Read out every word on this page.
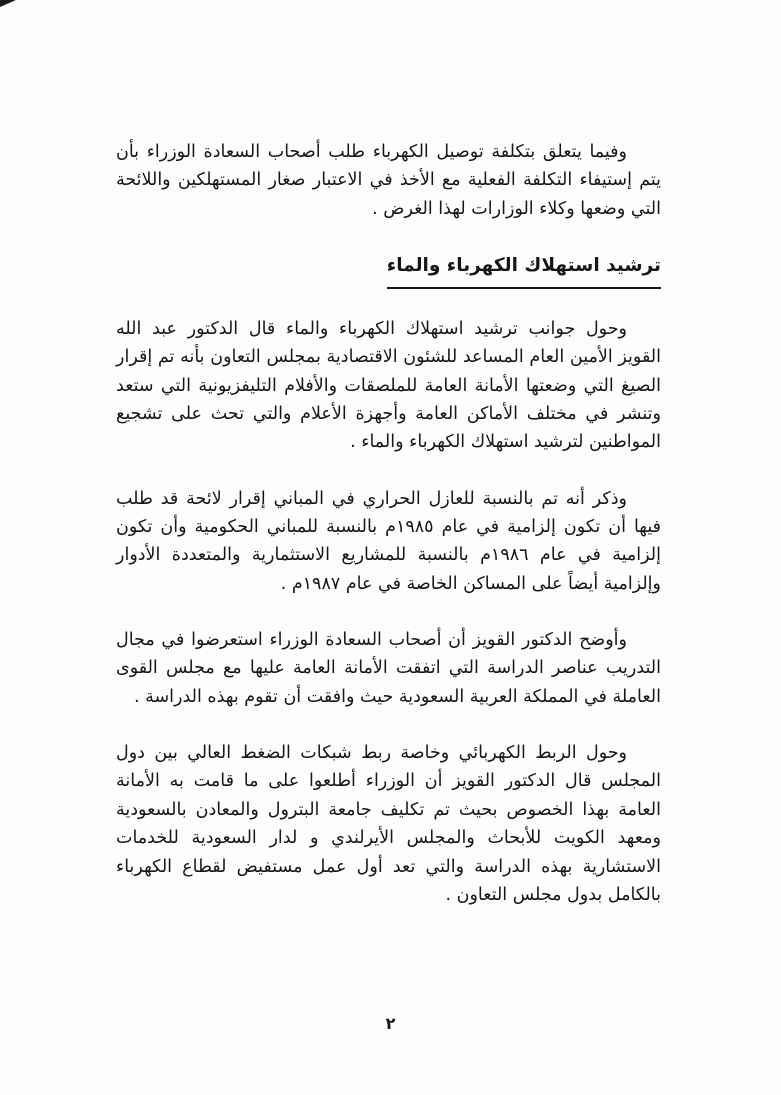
وفيما يتعلق بتكلفة توصيل الكهرباء طلب أصحاب السعادة الوزراء بأن يتم إستيفاء التكلفة الفعلية مع الأخذ في الاعتبار صغار المستهلكين واللائحة التي وضعها وكلاء الوزارات لهذا الغرض .

ترشيد استهلاك الكهرباء والماء

وحول جوانب ترشيد استهلاك الكهرباء والماء قال الدكتور عبد الله القويز الأمين العام المساعد للشئون الاقتصادية بمجلس التعاون بأنه تم إقرار الصيغ التي وضعتها الأمانة العامة للملصقات والأفلام التليفزيونية التي ستعد وتنشر في مختلف الأماكن العامة وأجهزة الأعلام والتي تحث على تشجيع المواطنين لترشيد استهلاك الكهرباء والماء .

وذكر أنه تم بالنسبة للعازل الحراري في المباني إقرار لائحة قد طلب فيها أن تكون إلزامية في عام ١٩٨٥م بالنسبة للمباني الحكومية وأن تكون إلزامية في عام ١٩٨٦م بالنسبة للمشاريع الاستثمارية والمتعددة الأدوار وإلزامية أيضاً على المساكن الخاصة في عام ١٩٨٧م .

وأوضح الدكتور القويز أن أصحاب السعادة الوزراء استعرضوا في مجال التدريب عناصر الدراسة التي اتفقت الأمانة العامة عليها مع مجلس القوى العاملة في المملكة العربية السعودية حيث وافقت أن تقوم بهذه الدراسة .

وحول الربط الكهربائي وخاصة ربط شبكات الضغط العالي بين دول المجلس قال الدكتور القويز أن الوزراء أطلعوا على ما قامت به الأمانة العامة بهذا الخصوص بحيث تم تكليف جامعة البترول والمعادن بالسعودية ومعهد الكويت للأبحاث والمجلس الأيرلندي و لدار السعودية للخدمات الاستشارية بهذه الدراسة والتي تعد أول عمل مستفيض لقطاع الكهرباء بالكامل بدول مجلس التعاون .

٢
